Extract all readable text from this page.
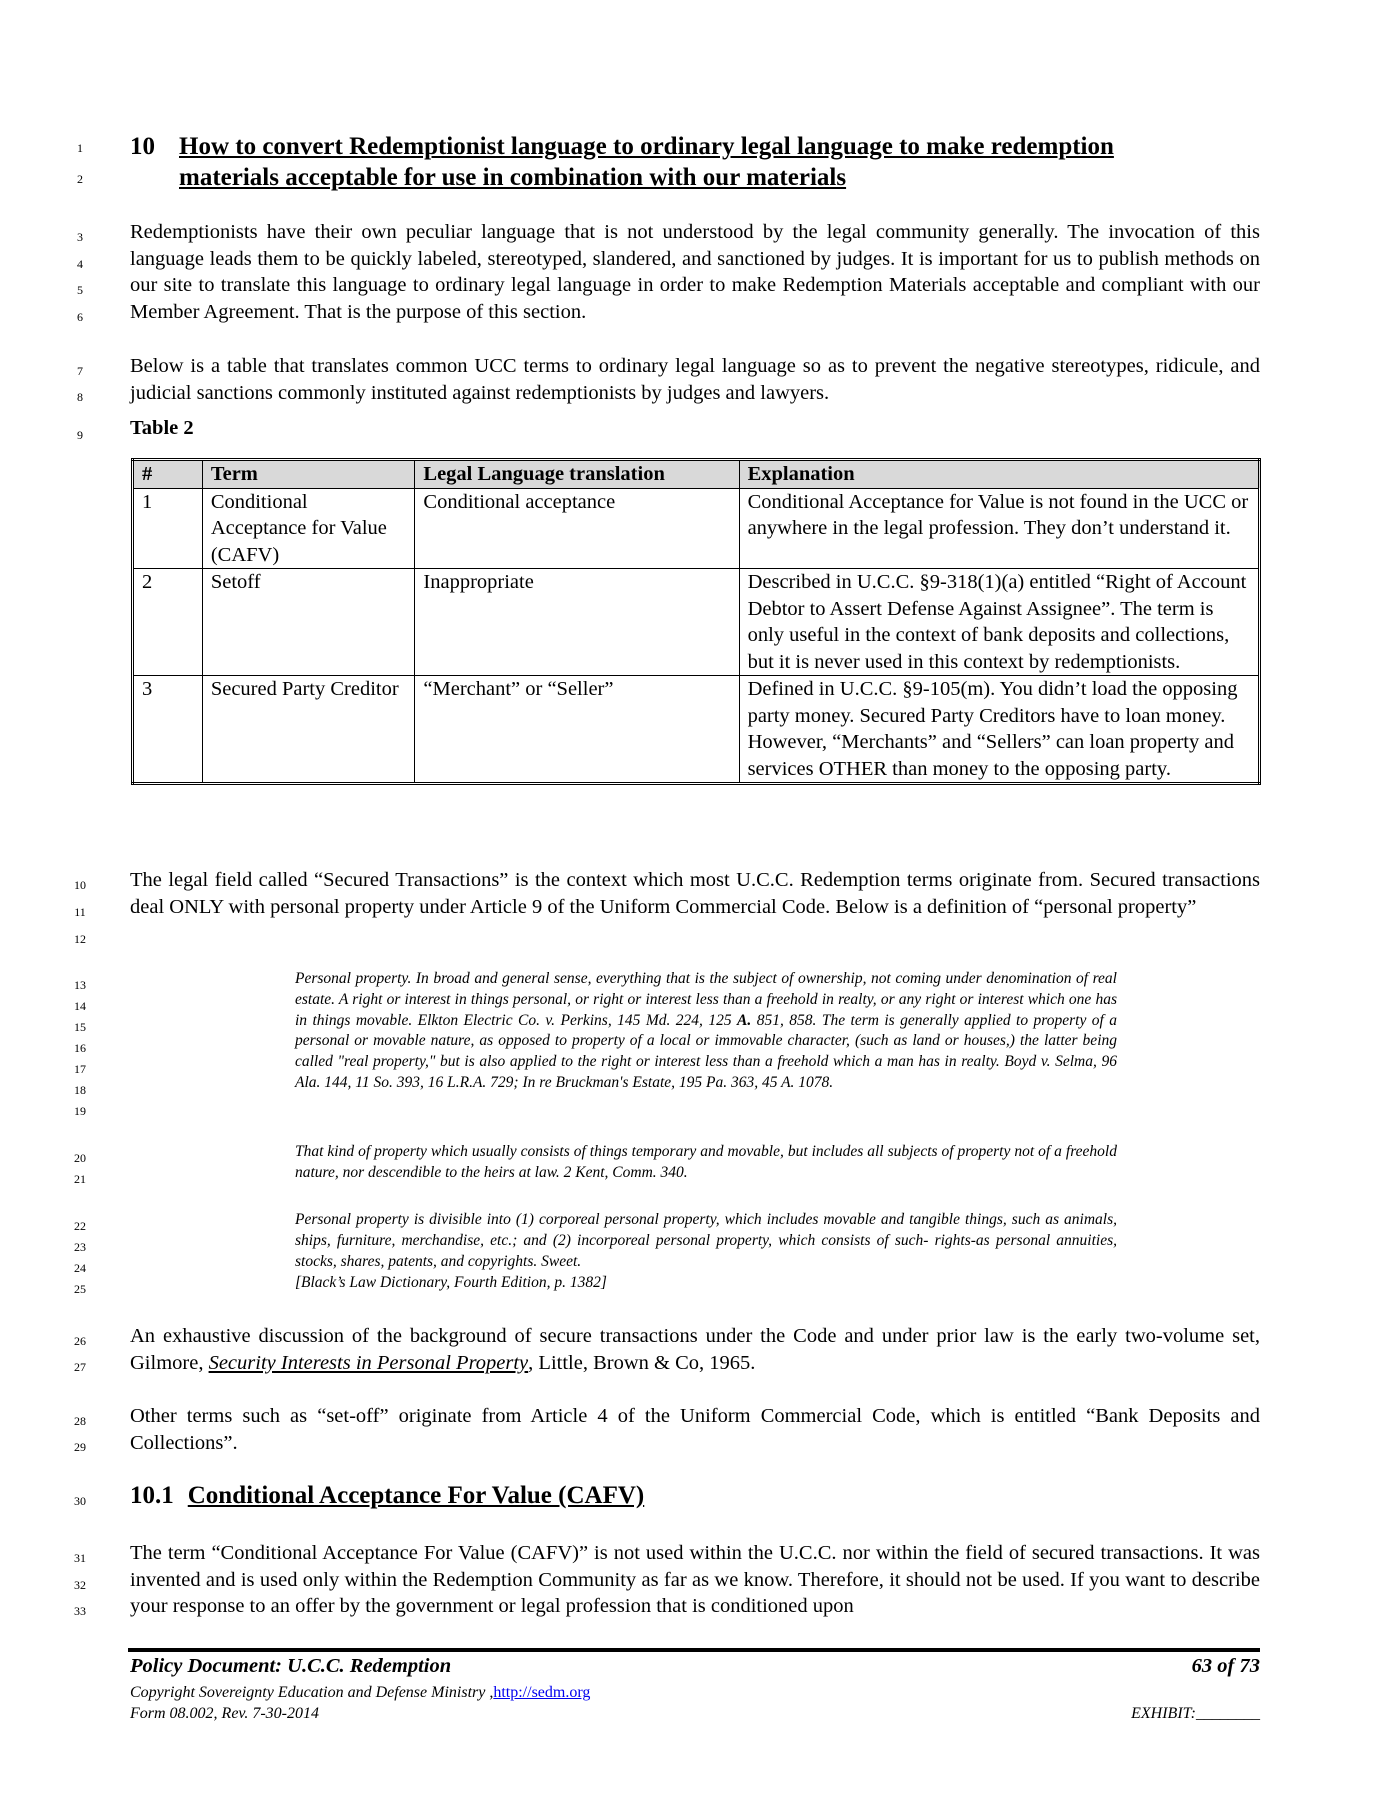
1
2
3
4
5
6
7
8
9
10
11
12
13
14
15
16
17
18
19
20
21
22
23
24
25
26
27
28
29
30
31
32
33
10 How to convert Redemptionist language to ordinary legal language to make redemption
materials acceptable for use in combination with our materials
Redemptionists have their own peculiar language that is not understood by the legal community generally. The invocation of this language leads them to be quickly labeled, stereotyped, slandered, and sanctioned by judges. It is important for us to publish methods on our site to translate this language to ordinary legal language in order to make Redemption Materials acceptable and compliant with our Member Agreement. That is the purpose of this section.
Below is a table that translates common UCC terms to ordinary legal language so as to prevent the negative stereotypes, ridicule, and judicial sanctions commonly instituted against redemptionists by judges and lawyers.
Table 2
#	Term	Legal Language translation	Explanation
1	Conditional Acceptance for Value (CAFV)	Conditional acceptance	Conditional Acceptance for Value is not found in the UCC or anywhere in the legal profession. They don’t understand it.
2	Setoff	Inappropriate	Described in U.C.C. §9-318(1)(a) entitled “Right of Account Debtor to Assert Defense Against Assignee”. The term is only useful in the context of bank deposits and collections, but it is never used in this context by redemptionists.
3	Secured Party Creditor	“Merchant” or “Seller”	Defined in U.C.C. §9-105(m). You didn’t load the opposing party money. Secured Party Creditors have to loan money. However, “Merchants” and “Sellers” can loan property and services OTHER than money to the opposing party.
The legal field called “Secured Transactions” is the context which most U.C.C. Redemption terms originate from. Secured transactions deal ONLY with personal property under Article 9 of the Uniform Commercial Code. Below is a definition of “personal property”
Personal property. In broad and general sense, everything that is the subject of ownership, not coming under denomination of real estate. A right or interest in things personal, or right or interest less than a freehold in realty, or any right or interest which one has in things movable. Elkton Electric Co. v. Perkins, 145 Md. 224, 125 A. 851, 858. The term is generally applied to property of a personal or movable nature, as opposed to property of a local or immovable character, (such as land or houses,) the latter being called "real property," but is also applied to the right or interest less than a freehold which a man has in realty. Boyd v. Selma, 96 Ala. 144, 11 So. 393, 16 L.R.A. 729; In re Bruckman's Estate, 195 Pa. 363, 45 A. 1078.
That kind of property which usually consists of things temporary and movable, but includes all subjects of property not of a freehold nature, nor descendible to the heirs at law. 2 Kent, Comm. 340.
Personal property is divisible into (1) corporeal personal property, which includes movable and tangible things, such as animals, ships, furniture, merchandise, etc.; and (2) incorporeal personal property, which consists of such- rights-as personal annuities, stocks, shares, patents, and copyrights. Sweet.
[Black’s Law Dictionary, Fourth Edition, p. 1382]
An exhaustive discussion of the background of secure transactions under the Code and under prior law is the early two-volume set, Gilmore, Security Interests in Personal Property, Little, Brown & Co, 1965.
Other terms such as “set-off” originate from Article 4 of the Uniform Commercial Code, which is entitled “Bank Deposits and Collections”.
10.1 Conditional Acceptance For Value (CAFV)
The term “Conditional Acceptance For Value (CAFV)” is not used within the U.C.C. nor within the field of secured transactions. It was invented and is used only within the Redemption Community as far as we know. Therefore, it should not be used. If you want to describe your response to an offer by the government or legal profession that is conditioned upon
Policy Document: U.C.C. Redemption	63 of 73
Copyright Sovereignty Education and Defense Ministry ,http://sedm.org
Form 08.002, Rev. 7-30-2014	EXHIBIT:________
